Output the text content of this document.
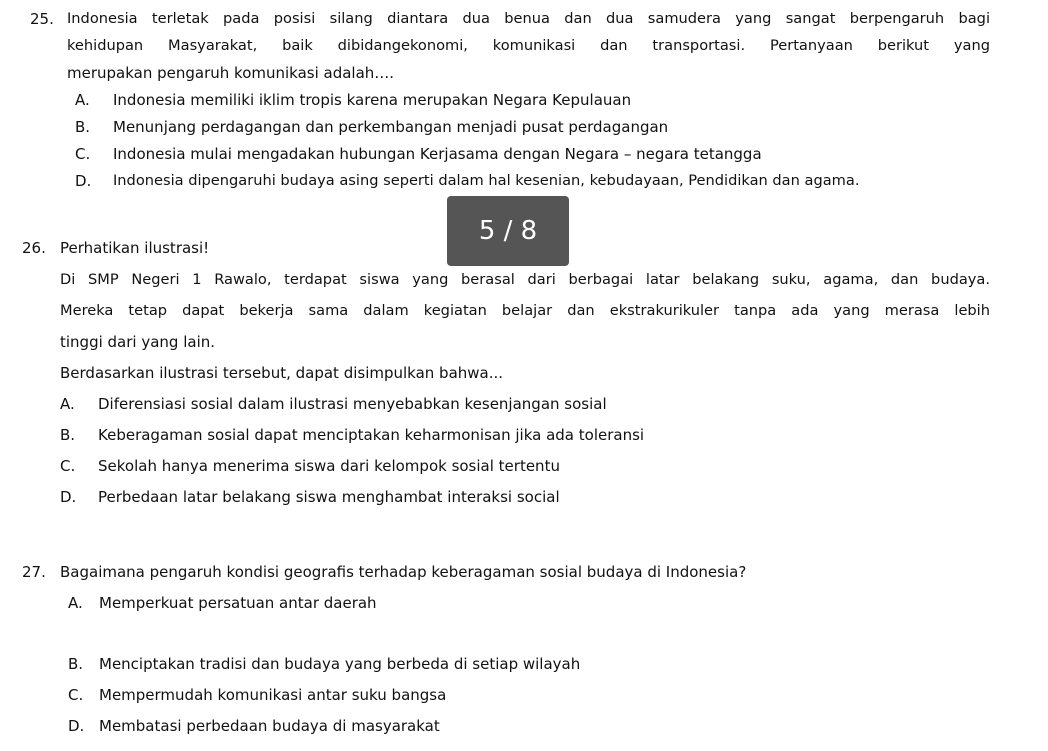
25. Indonesia terletak pada posisi silang diantara dua benua dan dua samudera yang sangat berpengaruh bagi
kehidupan Masyarakat, baik dibidangekonomi, komunikasi dan transportasi. Pertanyaan berikut yang
merupakan pengaruh komunikasi adalah….
A. Indonesia memiliki iklim tropis karena merupakan Negara Kepulauan
B. Menunjang perdagangan dan perkembangan menjadi pusat perdagangan
C. Indonesia mulai mengadakan hubungan Kerjasama dengan Negara – negara tetangga
D. Indonesia dipengaruhi budaya asing seperti dalam hal kesenian, kebudayaan, Pendidikan dan agama.
5 / 8
26. Perhatikan ilustrasi!
Di SMP Negeri 1 Rawalo, terdapat siswa yang berasal dari berbagai latar belakang suku, agama, dan budaya.
Mereka tetap dapat bekerja sama dalam kegiatan belajar dan ekstrakurikuler tanpa ada yang merasa lebih
tinggi dari yang lain.
Berdasarkan ilustrasi tersebut, dapat disimpulkan bahwa...
A. Diferensiasi sosial dalam ilustrasi menyebabkan kesenjangan sosial
B. Keberagaman sosial dapat menciptakan keharmonisan jika ada toleransi
C. Sekolah hanya menerima siswa dari kelompok sosial tertentu
D. Perbedaan latar belakang siswa menghambat interaksi social
27. Bagaimana pengaruh kondisi geografis terhadap keberagaman sosial budaya di Indonesia?
A. Memperkuat persatuan antar daerah
B. Menciptakan tradisi dan budaya yang berbeda di setiap wilayah
C. Mempermudah komunikasi antar suku bangsa
D. Membatasi perbedaan budaya di masyarakat
